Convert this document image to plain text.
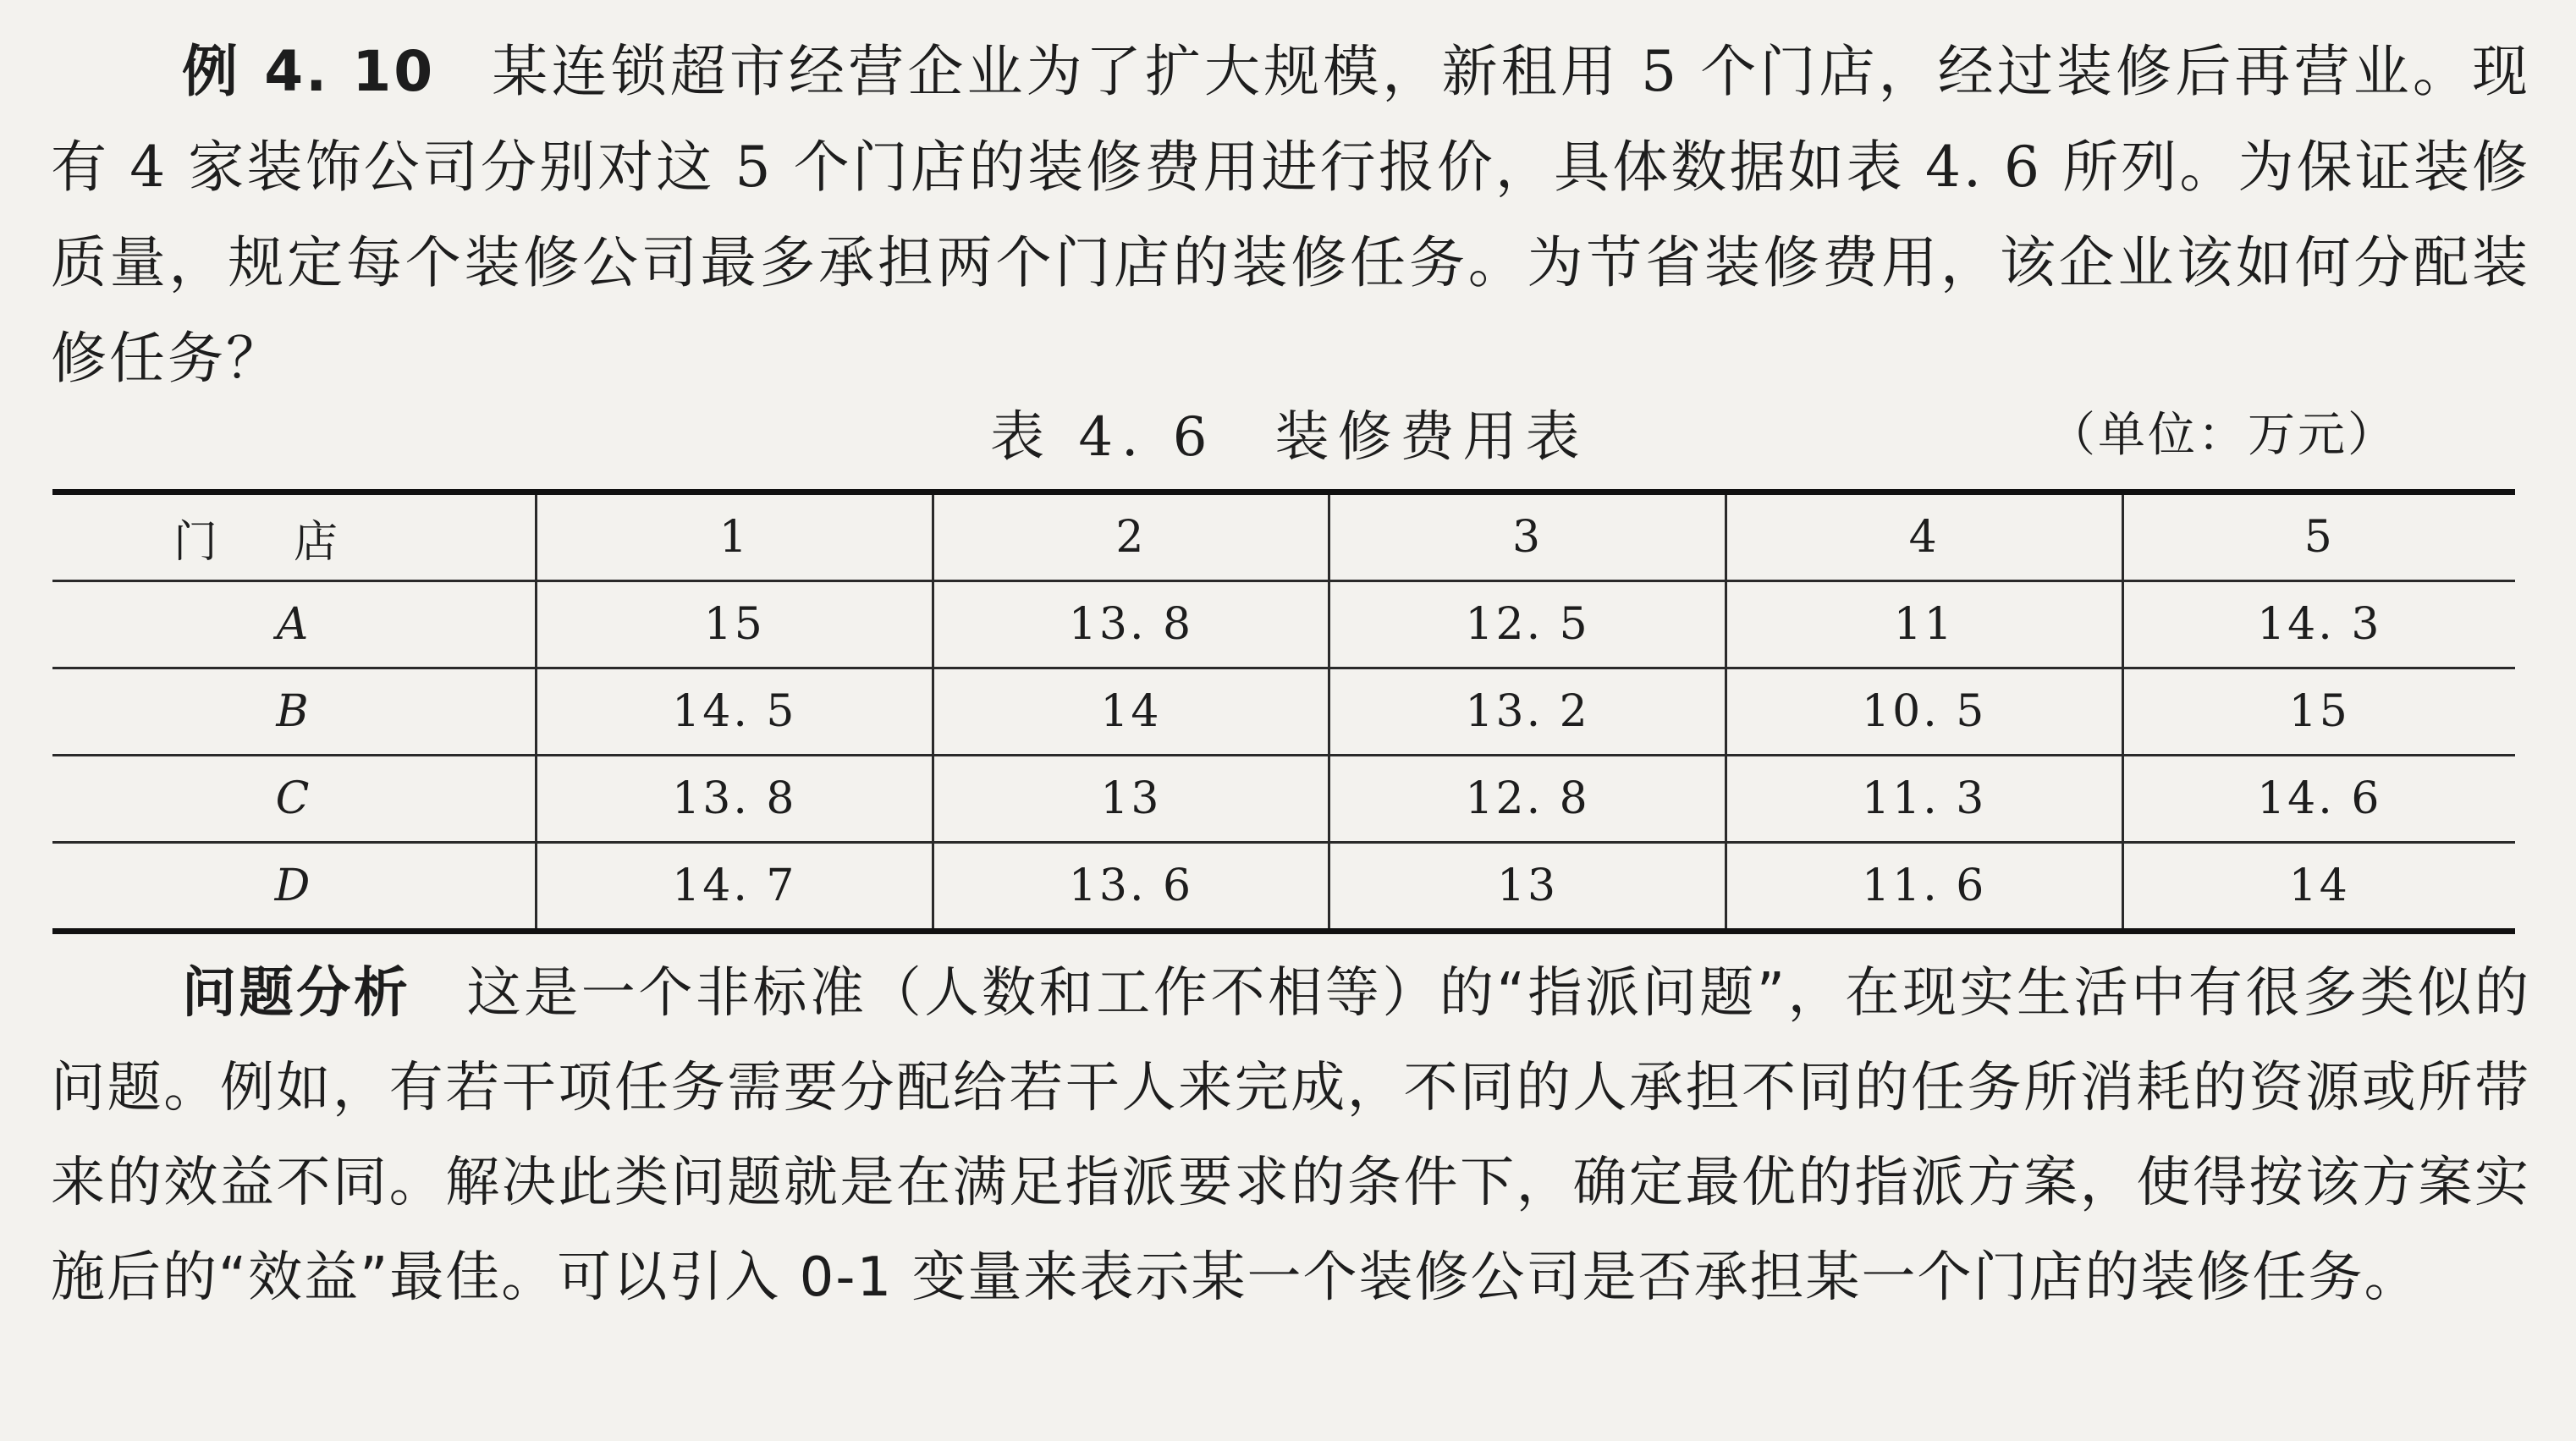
例 4. 10 某连锁超市经营企业为了扩大规模，新租用 5 个门店，经过装修后再营业。现有 4 家装饰公司分别对这 5 个门店的装修费用进行报价，具体数据如表 4. 6 所列。为保证装修质量，规定每个装修公司最多承担两个门店的装修任务。为节省装修费用，该企业该如何分配装修任务？

表 4. 6 装修费用表	（单位：万元）
门店	1	2	3	4	5
A	15	13. 8	12. 5	11	14. 3
B	14. 5	14	13. 2	10. 5	15
C	13. 8	13	12. 8	11. 3	14. 6
D	14. 7	13. 6	13	11. 6	14

问题分析 这是一个非标准（人数和工作不相等）的“指派问题”，在现实生活中有很多类似的问题。例如，有若干项任务需要分配给若干人来完成，不同的人承担不同的任务所消耗的资源或所带来的效益不同。解决此类问题就是在满足指派要求的条件下，确定最优的指派方案，使得按该方案实施后的“效益”最佳。可以引入 0-1 变量来表示某一个装修公司是否承担某一个门店的装修任务。
